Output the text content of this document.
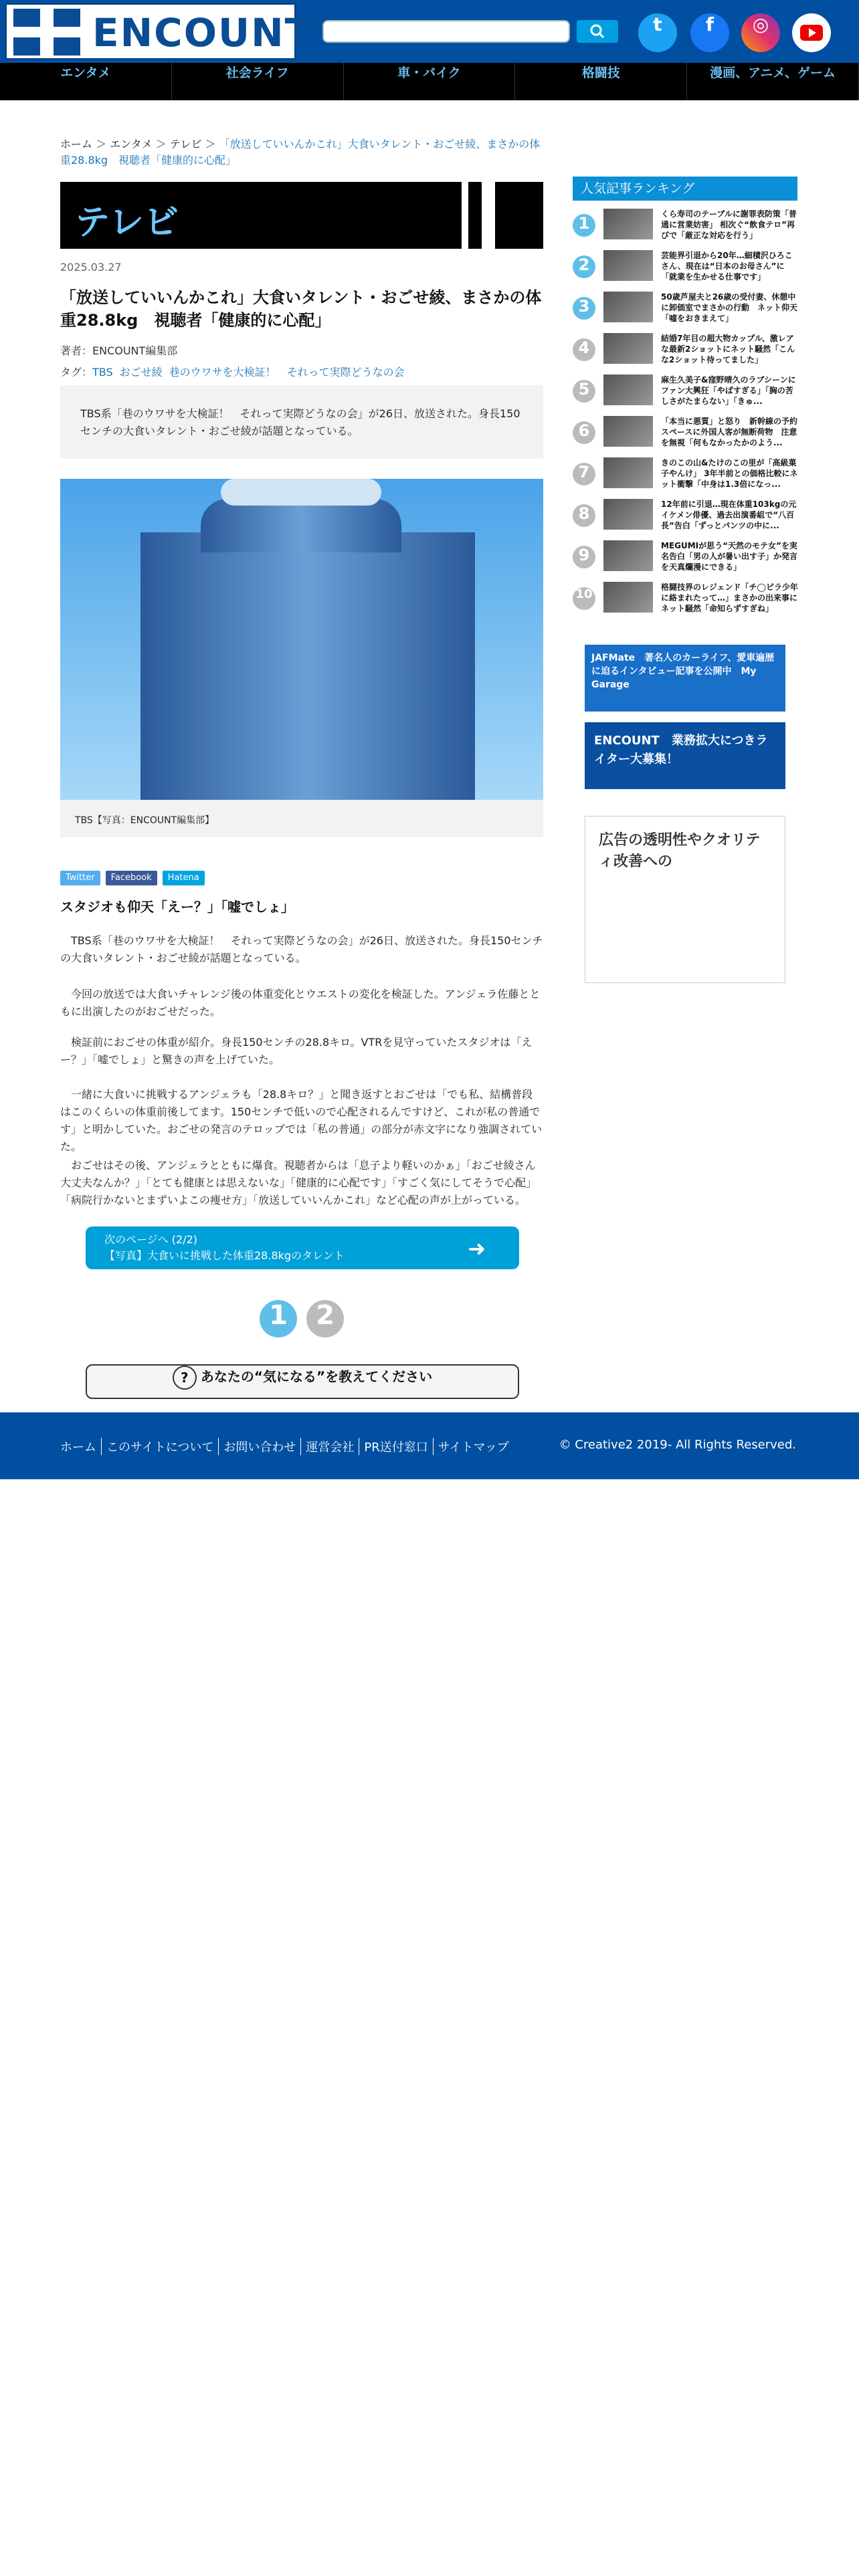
ENCOUNT	t	f	◎
エンタメ	社会ライフ	車・バイク	格闘技	漫画、アニメ、ゲーム
ホーム ＞ エンタメ ＞ テレビ ＞ 「放送していいんかこれ」大食いタレント・おごせ綾、まさかの体重28.8kg　視聴者「健康的に心配」
テレビ
2025.03.27
「放送していいんかこれ」大食いタレント・おごせ綾、まさかの体重28.8kg　視聴者「健康的に心配」
著者：ENCOUNT編集部
タグ：TBS おごせ綾 巷のウワサを大検証！　それって実際どうなの会
TBS系「巷のウワサを大検証！　それって実際どうなの会」が26日、放送された。身長150センチの大食いタレント・おごせ綾が話題となっている。
TBS【写真：ENCOUNT編集部】
Twitter	Facebook	Hatena
スタジオも仰天「えー？」「嘘でしょ」

　TBS系「巷のウワサを大検証！　それって実際どうなの会」が26日、放送された。身長150センチの大食いタレント・おごせ綾が話題となっている。

　今回の放送では大食いチャレンジ後の体重変化とウエストの変化を検証した。アンジェラ佐藤とともに出演したのがおごせだった。

　検証前におごせの体重が紹介。身長150センチの28.8キロ。VTRを見守っていたスタジオは「えー？」「嘘でしょ」と驚きの声を上げていた。

　一緒に大食いに挑戦するアンジェラも「28.8キロ？」と聞き返すとおごせは「でも私、結構普段はこのくらいの体重前後してます。150センチで低いので心配されるんですけど、これが私の普通です」と明かしていた。おごせの発言のテロップでは「私の普通」の部分が赤文字になり強調されていた。

　おごせはその後、アンジェラとともに爆食。視聴者からは「息子より軽いのかぁ」「おごせ綾さん大丈夫なんか？」「とても健康とは思えないな」「健康的に心配です」「すごく気にしてそうで心配」「病院行かないとまずいよこの痩せ方」「放送していいんかこれ」など心配の声が上がっている。

次のページへ (2/2)
【写真】大食いに挑戦した体重28.8kgのタレント	➜
1	2
? あなたの“気になる”を教えてください
人気記事ランキング
1	くら寿司のテーブルに謝罪表防策「普通に営業妨害」 相次ぐ“飲食テロ”再びで「厳正な対応を行う」
2	芸能界引退から20年…細積沢ひろこさん、現在は“日本のお母さん”に「就業を生かせる仕事です」
3	50歳芦屋夫と26歳の受付妻、休憩中に卸価室でまさかの行動　ネット仰天「嘘をおきまえて」
4	結婚7年目の超大物カップル、激レアな最新2ショットにネット騒然「こんな2ショット待ってました」
5	麻生久美子&窪野晴久のラブシーンにファン大興狂「やばすぎる」「胸の苦しさがたまらない」「きゅ...
6	「本当に悪質」と怒り　新幹線の予約スペースに外国人客が無断荷物　注意を無視「何もなかったかのよう...
7	きのこの山&たけのこの里が「高級菓子やんけ」 3年半前との価格比較にネット衝撃「中身は1.3倍になっ...
8	12年前に引退…現在体重103kgの元イケメン俳優、過去出演番組で“八百長”告白「ずっとパンツの中に...
9	MEGUMIが思う“天然のモテ女”を実名告白「男の人が暑い出す子」か発言を天真爛漫にできる」
10	格闘技界のレジェンド「チ◯ピラ少年に絡まれたって…」まさかの出来事にネット騒然「命知らずすぎね」
JAFMate　著名人のカーライフ、愛車遍歴に迫るインタビュー記事を公開中　My Garage
ENCOUNT　業務拡大につきライター大募集！
広告の透明性やクオリティ改善への
ホーム このサイトについて お問い合わせ 運営会社 PR送付窓口 サイトマップ	© Creative2 2019- All Rights Reserved.
